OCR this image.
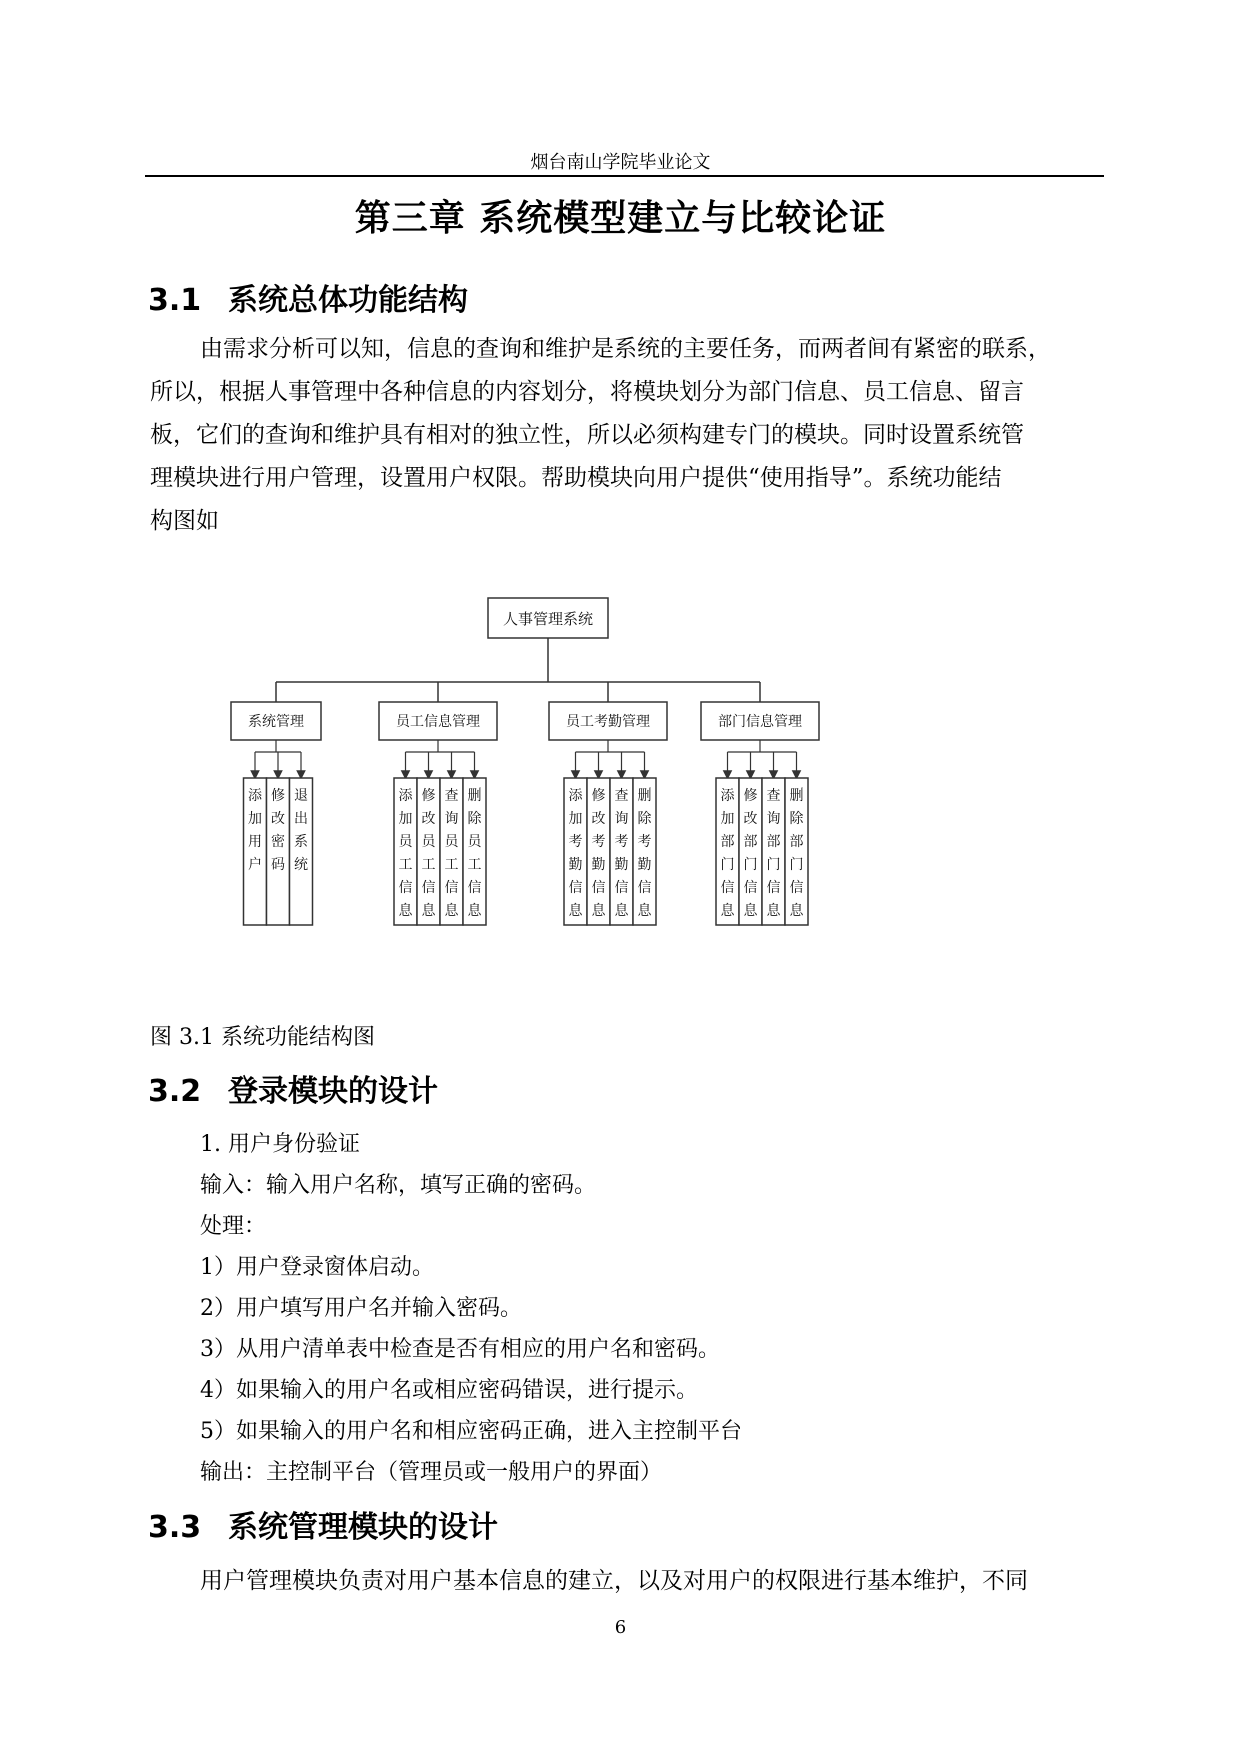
烟台南山学院毕业论文
第三章 系统模型建立与比较论证
3.1 系统总体功能结构
由需求分析可以知，信息的查询和维护是系统的主要任务，而两者间有紧密的联系，
所以，根据人事管理中各种信息的内容划分，将模块划分为部门信息、员工信息、留言
板，它们的查询和维护具有相对的独立性，所以必须构建专门的模块。同时设置系统管
理模块进行用户管理，设置用户权限。帮助模块向用户提供“使用指导”。系统功能结
构图如
人事管理系统
系统管理
添
加
用
户
修
改
密
码
退
出
系
统
员工信息管理
添
加
员
工
信
息
修
改
员
工
信
息
查
询
员
工
信
息
删
除
员
工
信
息
员工考勤管理
添
加
考
勤
信
息
修
改
考
勤
信
息
查
询
考
勤
信
息
删
除
考
勤
信
息
部门信息管理
添
加
部
门
信
息
修
改
部
门
信
息
查
询
部
门
信
息
删
除
部
门
信
息
图 3.1 系统功能结构图
3.2 登录模块的设计
1. 用户身份验证
输入：输入用户名称，填写正确的密码。
处理：
1）用户登录窗体启动。
2）用户填写用户名并输入密码。
3）从用户清单表中检查是否有相应的用户名和密码。
4）如果输入的用户名或相应密码错误，进行提示。
5）如果输入的用户名和相应密码正确，进入主控制平台
输出：主控制平台（管理员或一般用户的界面）
3.3 系统管理模块的设计
用户管理模块负责对用户基本信息的建立，以及对用户的权限进行基本维护，不同
6
